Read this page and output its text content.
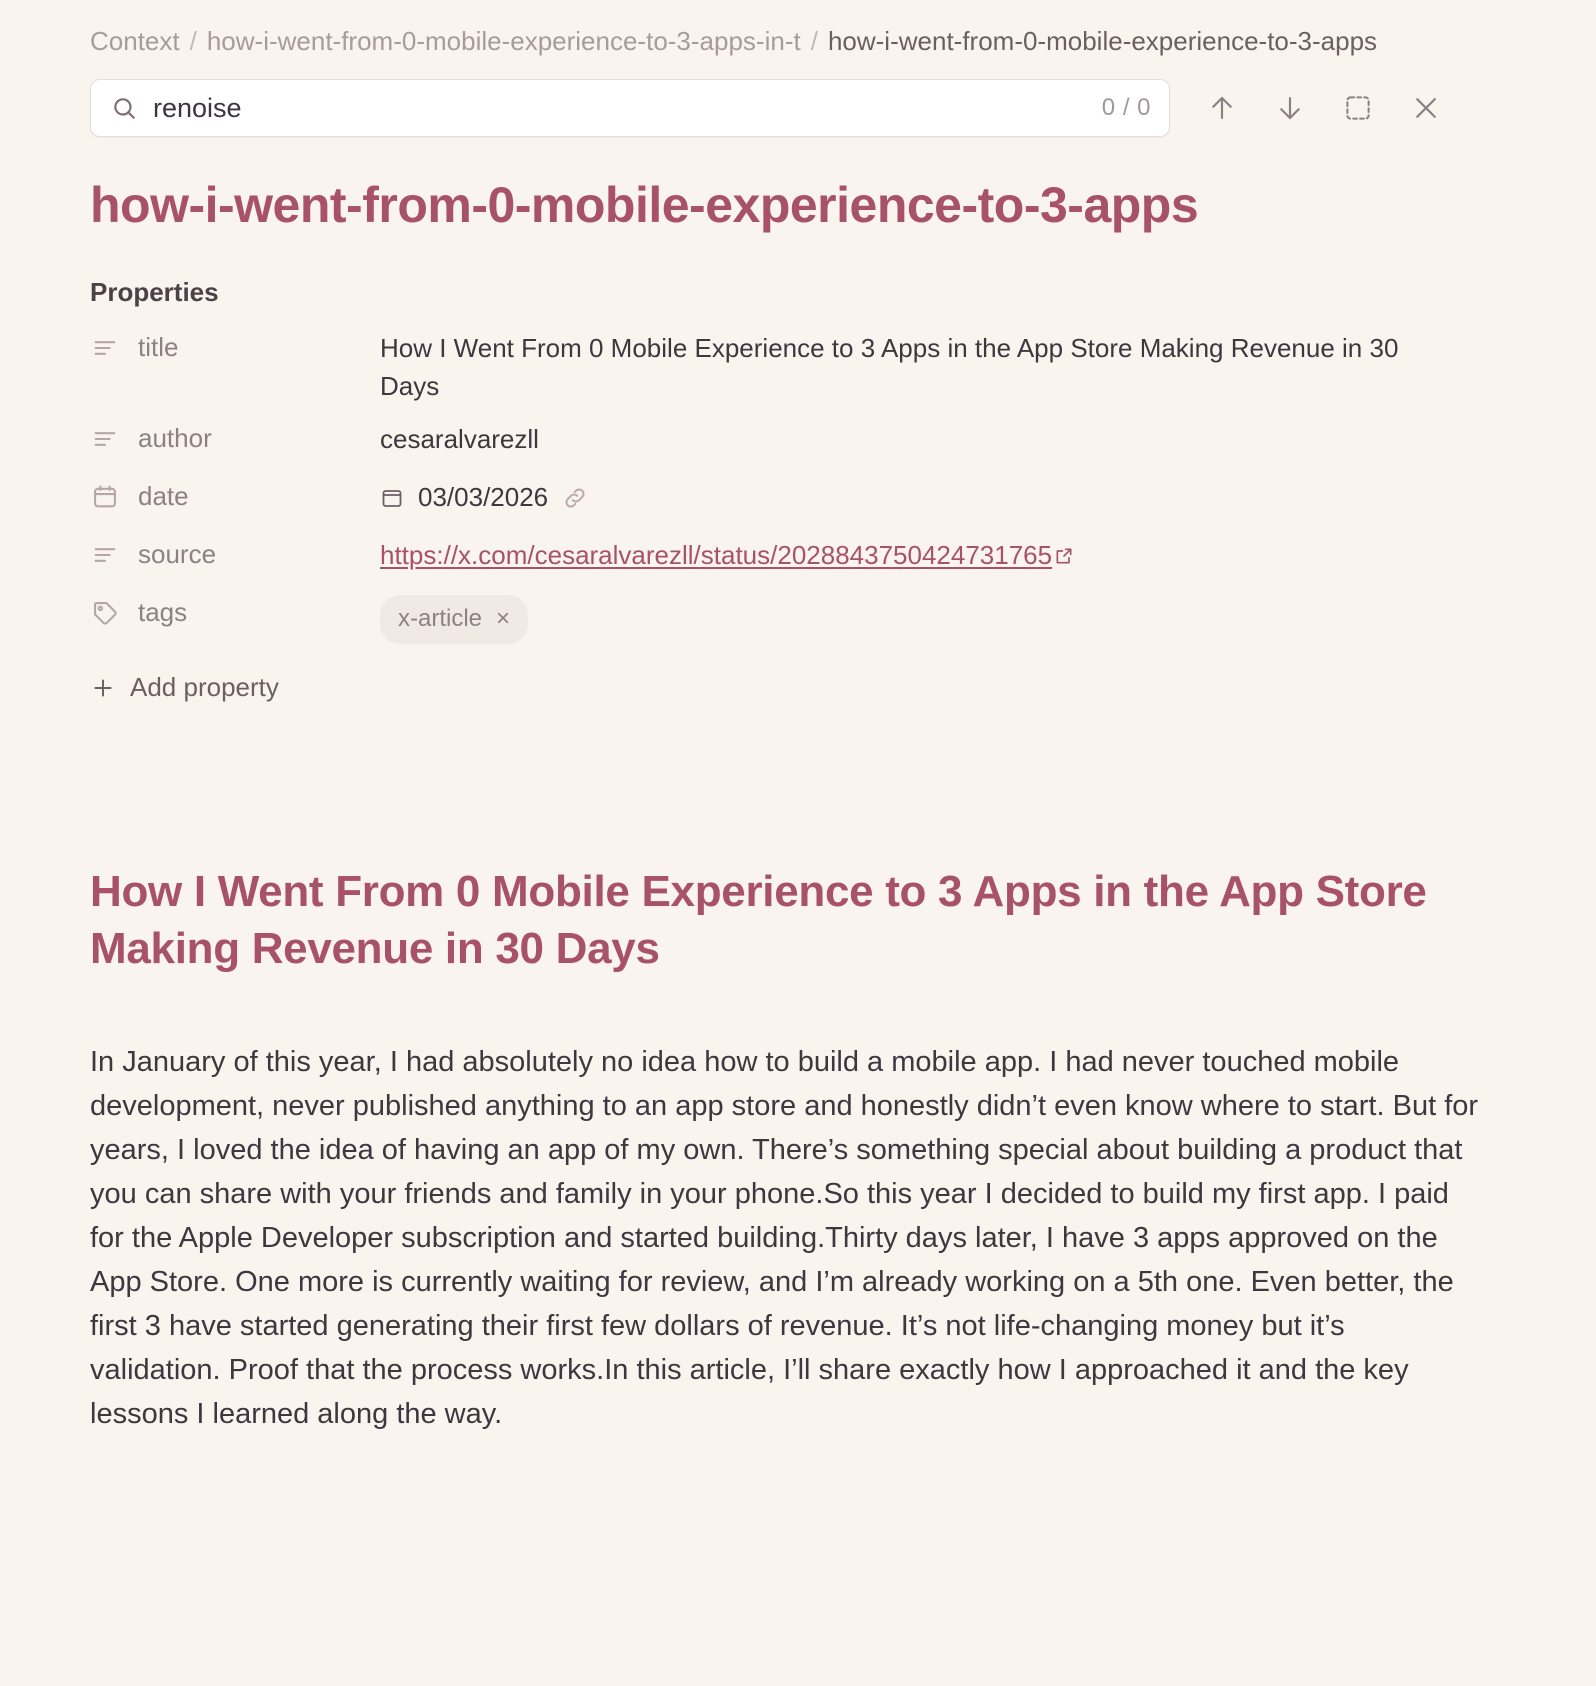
Context / how-i-went-from-0-mobile-experience-to-3-apps-in-t / how-i-went-from-0-mobile-experience-to-3-apps
renoise
0 / 0
how-i-went-from-0-mobile-experience-to-3-apps
Properties
title	How I Went From 0 Mobile Experience to 3 Apps in the App Store Making Revenue in 30 Days
author	cesaralvarezll
date	03/03/2026
source	https://x.com/cesaralvarezll/status/2028843750424731765
tags	x-article ×
Add property
How I Went From 0 Mobile Experience to 3 Apps in the App Store Making Revenue in 30 Days

In January of this year, I had absolutely no idea how to build a mobile app. I had never touched mobile development, never published anything to an app store and honestly didn’t even know where to start. But for years, I loved the idea of having an app of my own. There’s something special about building a product that you can share with your friends and family in your phone.So this year I decided to build my first app. I paid for the Apple Developer subscription and started building.Thirty days later, I have 3 apps approved on the App Store. One more is currently waiting for review, and I’m already working on a 5th one. Even better, the first 3 have started generating their first few dollars of revenue. It’s not life-changing money but it’s validation. Proof that the process works.In this article, I’ll share exactly how I approached it and the key lessons I learned along the way.
